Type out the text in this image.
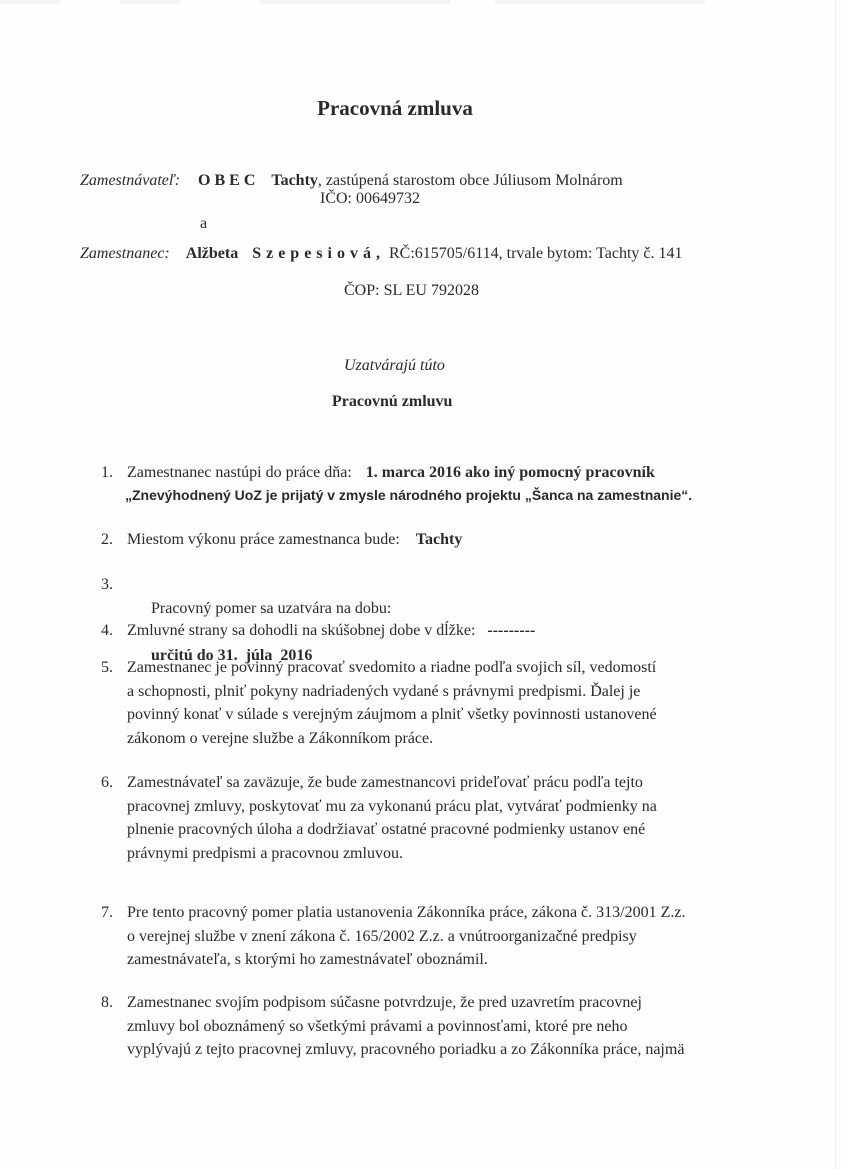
Pracovná zmluva
Zamestnávateľ: O B E C Tachty, zastúpená starostom obce Júliusom Molnárom
IČO: 00649732
a
Zamestnanec: Alžbeta Szepesiová, RČ:615705/6114, trvale bytom: Tachty č. 141
ČOP: SL EU 792028
Uzatvárajú túto
Pracovnú zmluvu
1. Zamestnanec nastúpi do práce dňa: 1. marca 2016 ako iný pomocný pracovník
„Znevýhodnený UoZ je prijatý v zmysle národného projektu „Šanca na zamestnanie“.
2. Miestom výkonu práce zamestnanca bude: Tachty
3.

Pracovný pomer sa uzatvára na dobu:

určitú do 31.  júla  2016

4. Zmluvné strany sa dohodli na skúšobnej dobe v dĺžke: ---------
5. Zamestnanec je povinný pracovať svedomito a riadne podľa svojich síl, vedomostí
a schopnosti, plniť pokyny nadriadených vydané s právnymi predpismi. Ďalej je
povinný konať v súlade s verejným záujmom a plniť všetky povinnosti ustanovené
zákonom o verejne službe a Zákonníkom práce.
6. Zamestnávateľ sa zaväzuje, že bude zamestnancovi prideľovať prácu podľa tejto
pracovnej zmluvy, poskytovať mu za vykonanú prácu plat, vytvárať podmienky na
plnenie pracovných úloha a dodržiavať ostatné pracovné podmienky ustanov ené
právnymi predpismi a pracovnou zmluvou.
7. Pre tento pracovný pomer platia ustanovenia Zákonníka práce, zákona č. 313/2001 Z.z.
o verejnej službe v znení zákona č. 165/2002 Z.z. a vnútroorganizačné predpisy
zamestnávateľa, s ktorými ho zamestnávateľ oboznámil.
8. Zamestnanec svojím podpisom súčasne potvrdzuje, že pred uzavretím pracovnej
zmluvy bol oboznámený so všetkými právami a povinnosťami, ktoré pre neho
vyplývajú z tejto pracovnej zmluvy, pracovného poriadku a zo Zákonníka práce, najmä
